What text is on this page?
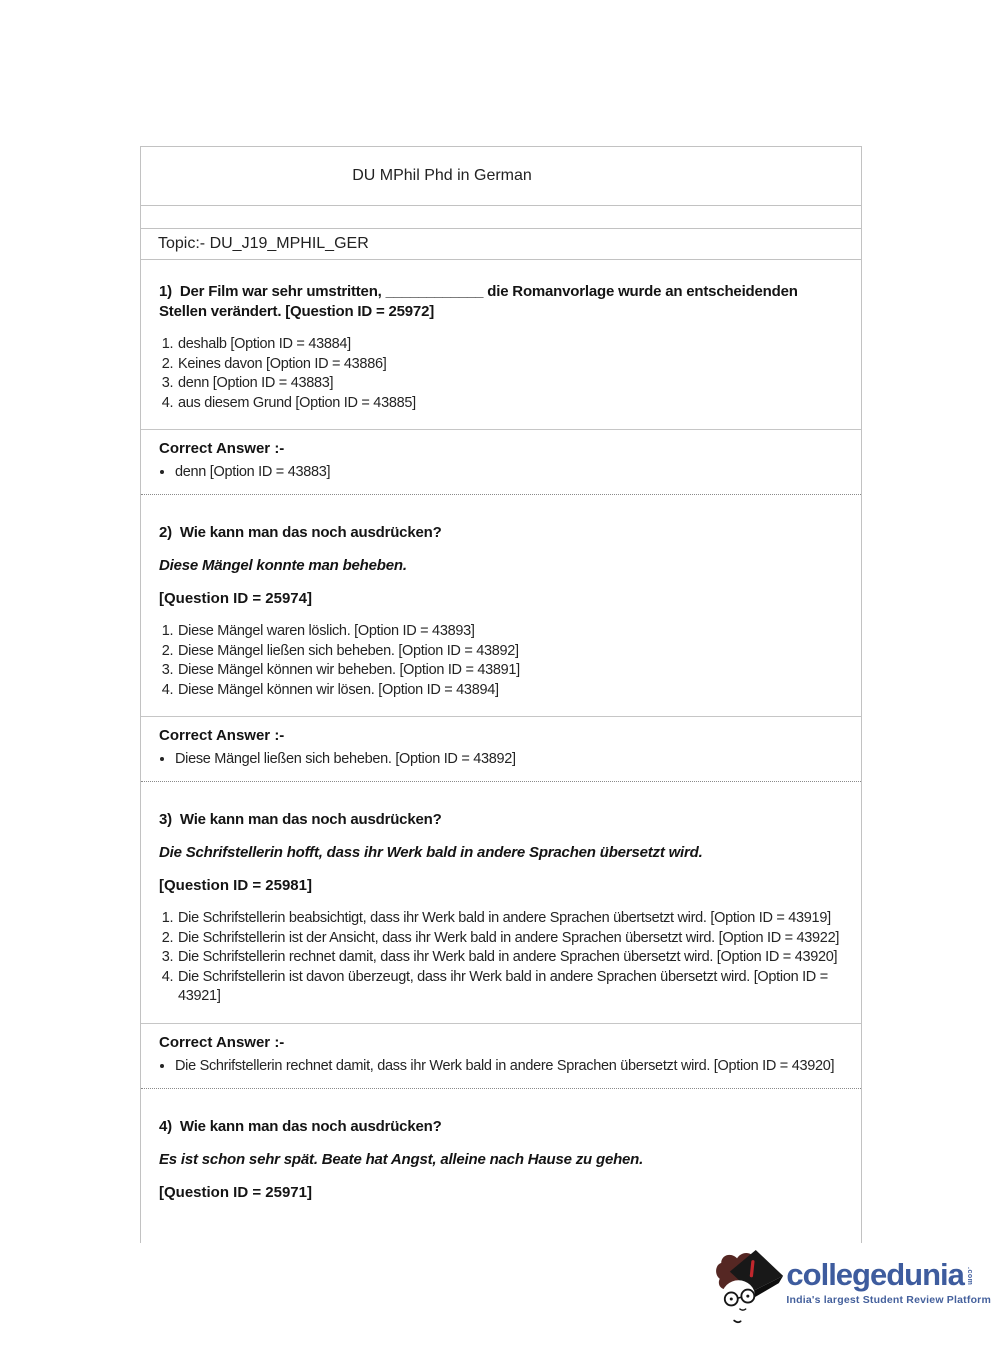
DU MPhil Phd in German
Topic:- DU_J19_MPHIL_GER

1)  Der Film war sehr umstritten, ____________ die Romanvorlage wurde an entscheidenden Stellen verändert. [Question ID = 25972]

1. deshalb [Option ID = 43884]
2. Keines davon [Option ID = 43886]
3. denn [Option ID = 43883]
4. aus diesem Grund [Option ID = 43885]

Correct Answer :-

• denn [Option ID = 43883]

2)  Wie kann man das noch ausdrücken?

Diese Mängel konnte man beheben.

[Question ID = 25974]

1. Diese Mängel waren löslich. [Option ID = 43893]
2. Diese Mängel ließen sich beheben. [Option ID = 43892]
3. Diese Mängel können wir beheben. [Option ID = 43891]
4. Diese Mängel können wir lösen. [Option ID = 43894]

Correct Answer :-

• Diese Mängel ließen sich beheben. [Option ID = 43892]

3)  Wie kann man das noch ausdrücken?

Die Schrifstellerin hofft, dass ihr Werk bald in andere Sprachen übersetzt wird.

[Question ID = 25981]

1. Die Schrifstellerin beabsichtigt, dass ihr Werk bald in andere Sprachen übertsetzt wird. [Option ID = 43919]
2. Die Schrifstellerin ist der Ansicht, dass ihr Werk bald in andere Sprachen übersetzt wird. [Option ID = 43922]
3. Die Schrifstellerin rechnet damit, dass ihr Werk bald in andere Sprachen übersetzt wird. [Option ID = 43920]
4. Die Schrifstellerin ist davon überzeugt, dass ihr Werk bald in andere Sprachen übersetzt wird. [Option ID = 43921]

Correct Answer :-

• Die Schrifstellerin rechnet damit, dass ihr Werk bald in andere Sprachen übersetzt wird. [Option ID = 43920]

4)  Wie kann man das noch ausdrücken?

Es ist schon sehr spät. Beate hat Angst, alleine nach Hause zu gehen.

[Question ID = 25971]

collegedunia .com
India's largest Student Review Platform
